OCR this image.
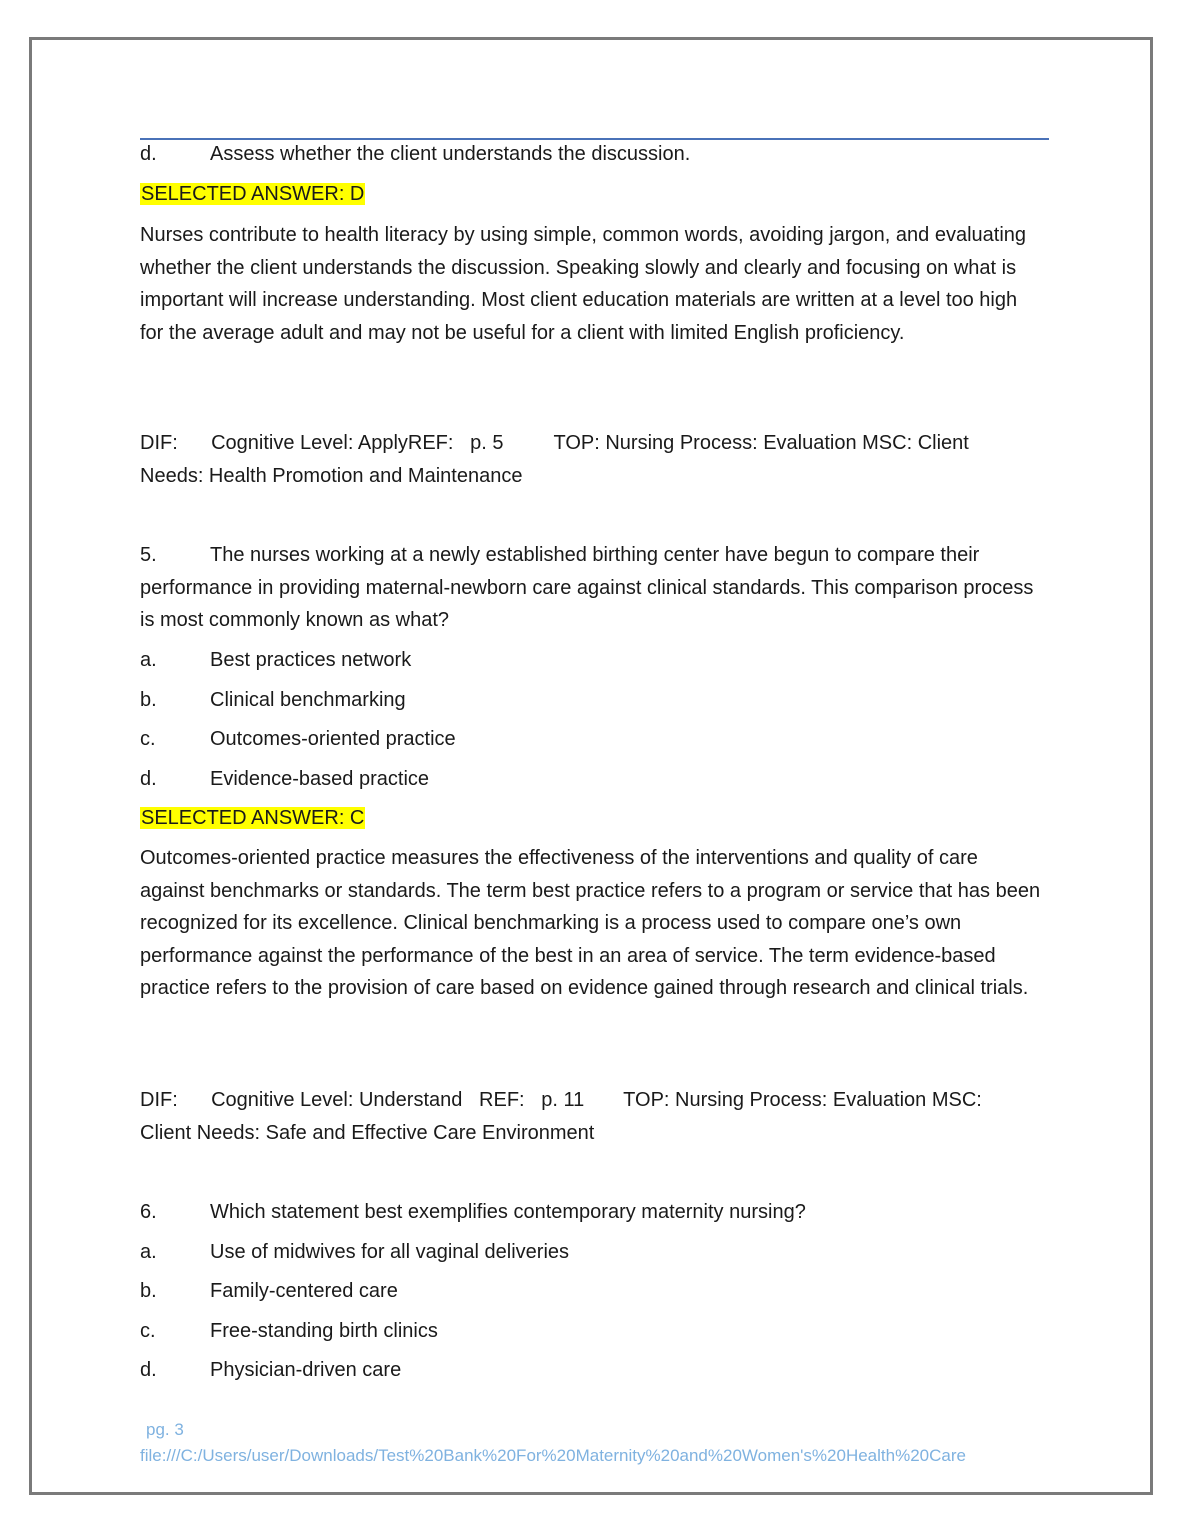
d.	Assess whether the client understands the discussion.
SELECTED ANSWER: D
Nurses contribute to health literacy by using simple, common words, avoiding jargon, and evaluating whether the client understands the discussion. Speaking slowly and clearly and focusing on what is important will increase understanding. Most client education materials are written at a level too high for the average adult and may not be useful for a client with limited English proficiency.
DIF:      Cognitive Level: ApplyREF:   p. 5         TOP: Nursing Process: Evaluation MSC: Client
Needs: Health Promotion and Maintenance
5.	The nurses working at a newly established birthing center have begun to compare their performance in providing maternal-newborn care against clinical standards. This comparison process is most commonly known as what?
a.	Best practices network
b.	Clinical benchmarking
c.	Outcomes-oriented practice
d.	Evidence-based practice
SELECTED ANSWER: C
Outcomes-oriented practice measures the effectiveness of the interventions and quality of care against benchmarks or standards. The term best practice refers to a program or service that has been recognized for its excellence. Clinical benchmarking is a process used to compare one’s own performance against the performance of the best in an area of service. The term evidence-based practice refers to the provision of care based on evidence gained through research and clinical trials.
DIF:      Cognitive Level: Understand   REF:   p. 11       TOP: Nursing Process: Evaluation MSC:
Client Needs: Safe and Effective Care Environment
6.	Which statement best exemplifies contemporary maternity nursing?
a.	Use of midwives for all vaginal deliveries
b.	Family-centered care
c.	Free-standing birth clinics
d.	Physician-driven care
pg. 3
file:///C:/Users/user/Downloads/Test%20Bank%20For%20Maternity%20and%20Women's%20Health%20Care
